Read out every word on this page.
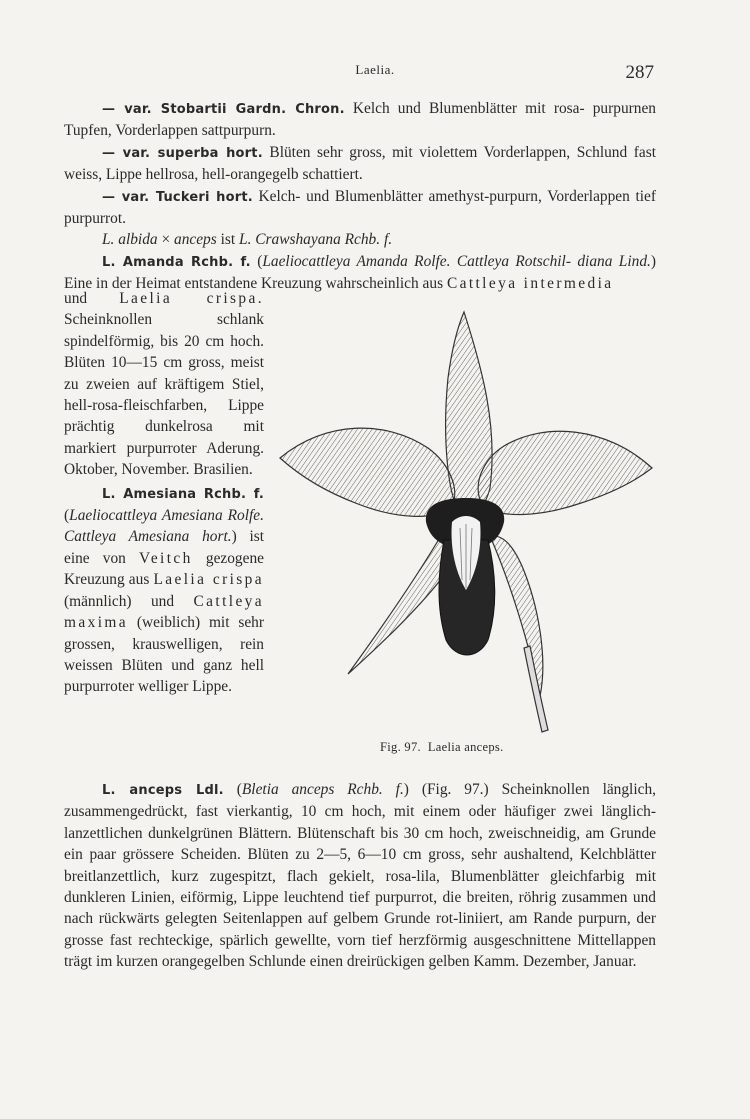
Laelia.	287

— var. Stobartii Gardn. Chron. Kelch und Blumenblätter mit rosa- purpurnen Tupfen, Vorderlappen sattpurpurn.

— var. superba hort. Blüten sehr gross, mit violettem Vorderlappen, Schlund fast weiss, Lippe hellrosa, hell-orangegelb schattiert.

— var. Tuckeri hort. Kelch- und Blumenblätter amethyst-purpurn, Vorderlappen tief purpurrot.

L. albida × anceps ist L. Crawshayana Rchb. f.

L. Amanda Rchb. f. (Laeliocattleya Amanda Rolfe. Cattleya Rotschil- diana Lind.) Eine in der Heimat entstandene Kreuzung wahrscheinlich aus Cattleya intermedia

und Laelia crispa. Scheinknollen schlank spindelförmig, bis 20 cm hoch. Blüten 10—15 cm gross, meist zu zweien auf kräftigem Stiel, hell-rosa-fleischfarben, Lippe prächtig dunkelrosa mit markiert purpurroter Aderung. Oktober, November. Brasilien.

L. Amesiana Rchb. f. (Laeliocattleya Amesiana Rolfe. Cattleya Amesiana hort.) ist eine von Veitch gezogene Kreuzung aus Laelia crispa (männlich) und Cattleya maxima (weiblich) mit sehr grossen, krauswelligen, rein weissen Blüten und ganz hell purpurroter welliger Lippe.

Fig. 97. Laelia anceps.

L. anceps Ldl. (Bletia anceps Rchb. f.) (Fig. 97.) Scheinknollen länglich, zusammengedrückt, fast vierkantig, 10 cm hoch, mit einem oder häufiger zwei länglich-lanzettlichen dunkelgrünen Blättern. Blütenschaft bis 30 cm hoch, zweischneidig, am Grunde ein paar grössere Scheiden. Blüten zu 2—5, 6—10 cm gross, sehr aushaltend, Kelchblätter breitlanzettlich, kurz zugespitzt, flach gekielt, rosa-lila, Blumenblätter gleichfarbig mit dunkleren Linien, eiförmig, Lippe leuchtend tief purpurrot, die breiten, röhrig zusammen und nach rückwärts gelegten Seitenlappen auf gelbem Grunde rot-liniiert, am Rande purpurn, der grosse fast rechteckige, spärlich gewellte, vorn tief herzförmig ausgeschnittene Mittellappen trägt im kurzen orangegelben Schlunde einen dreirückigen gelben Kamm. Dezember, Januar.
